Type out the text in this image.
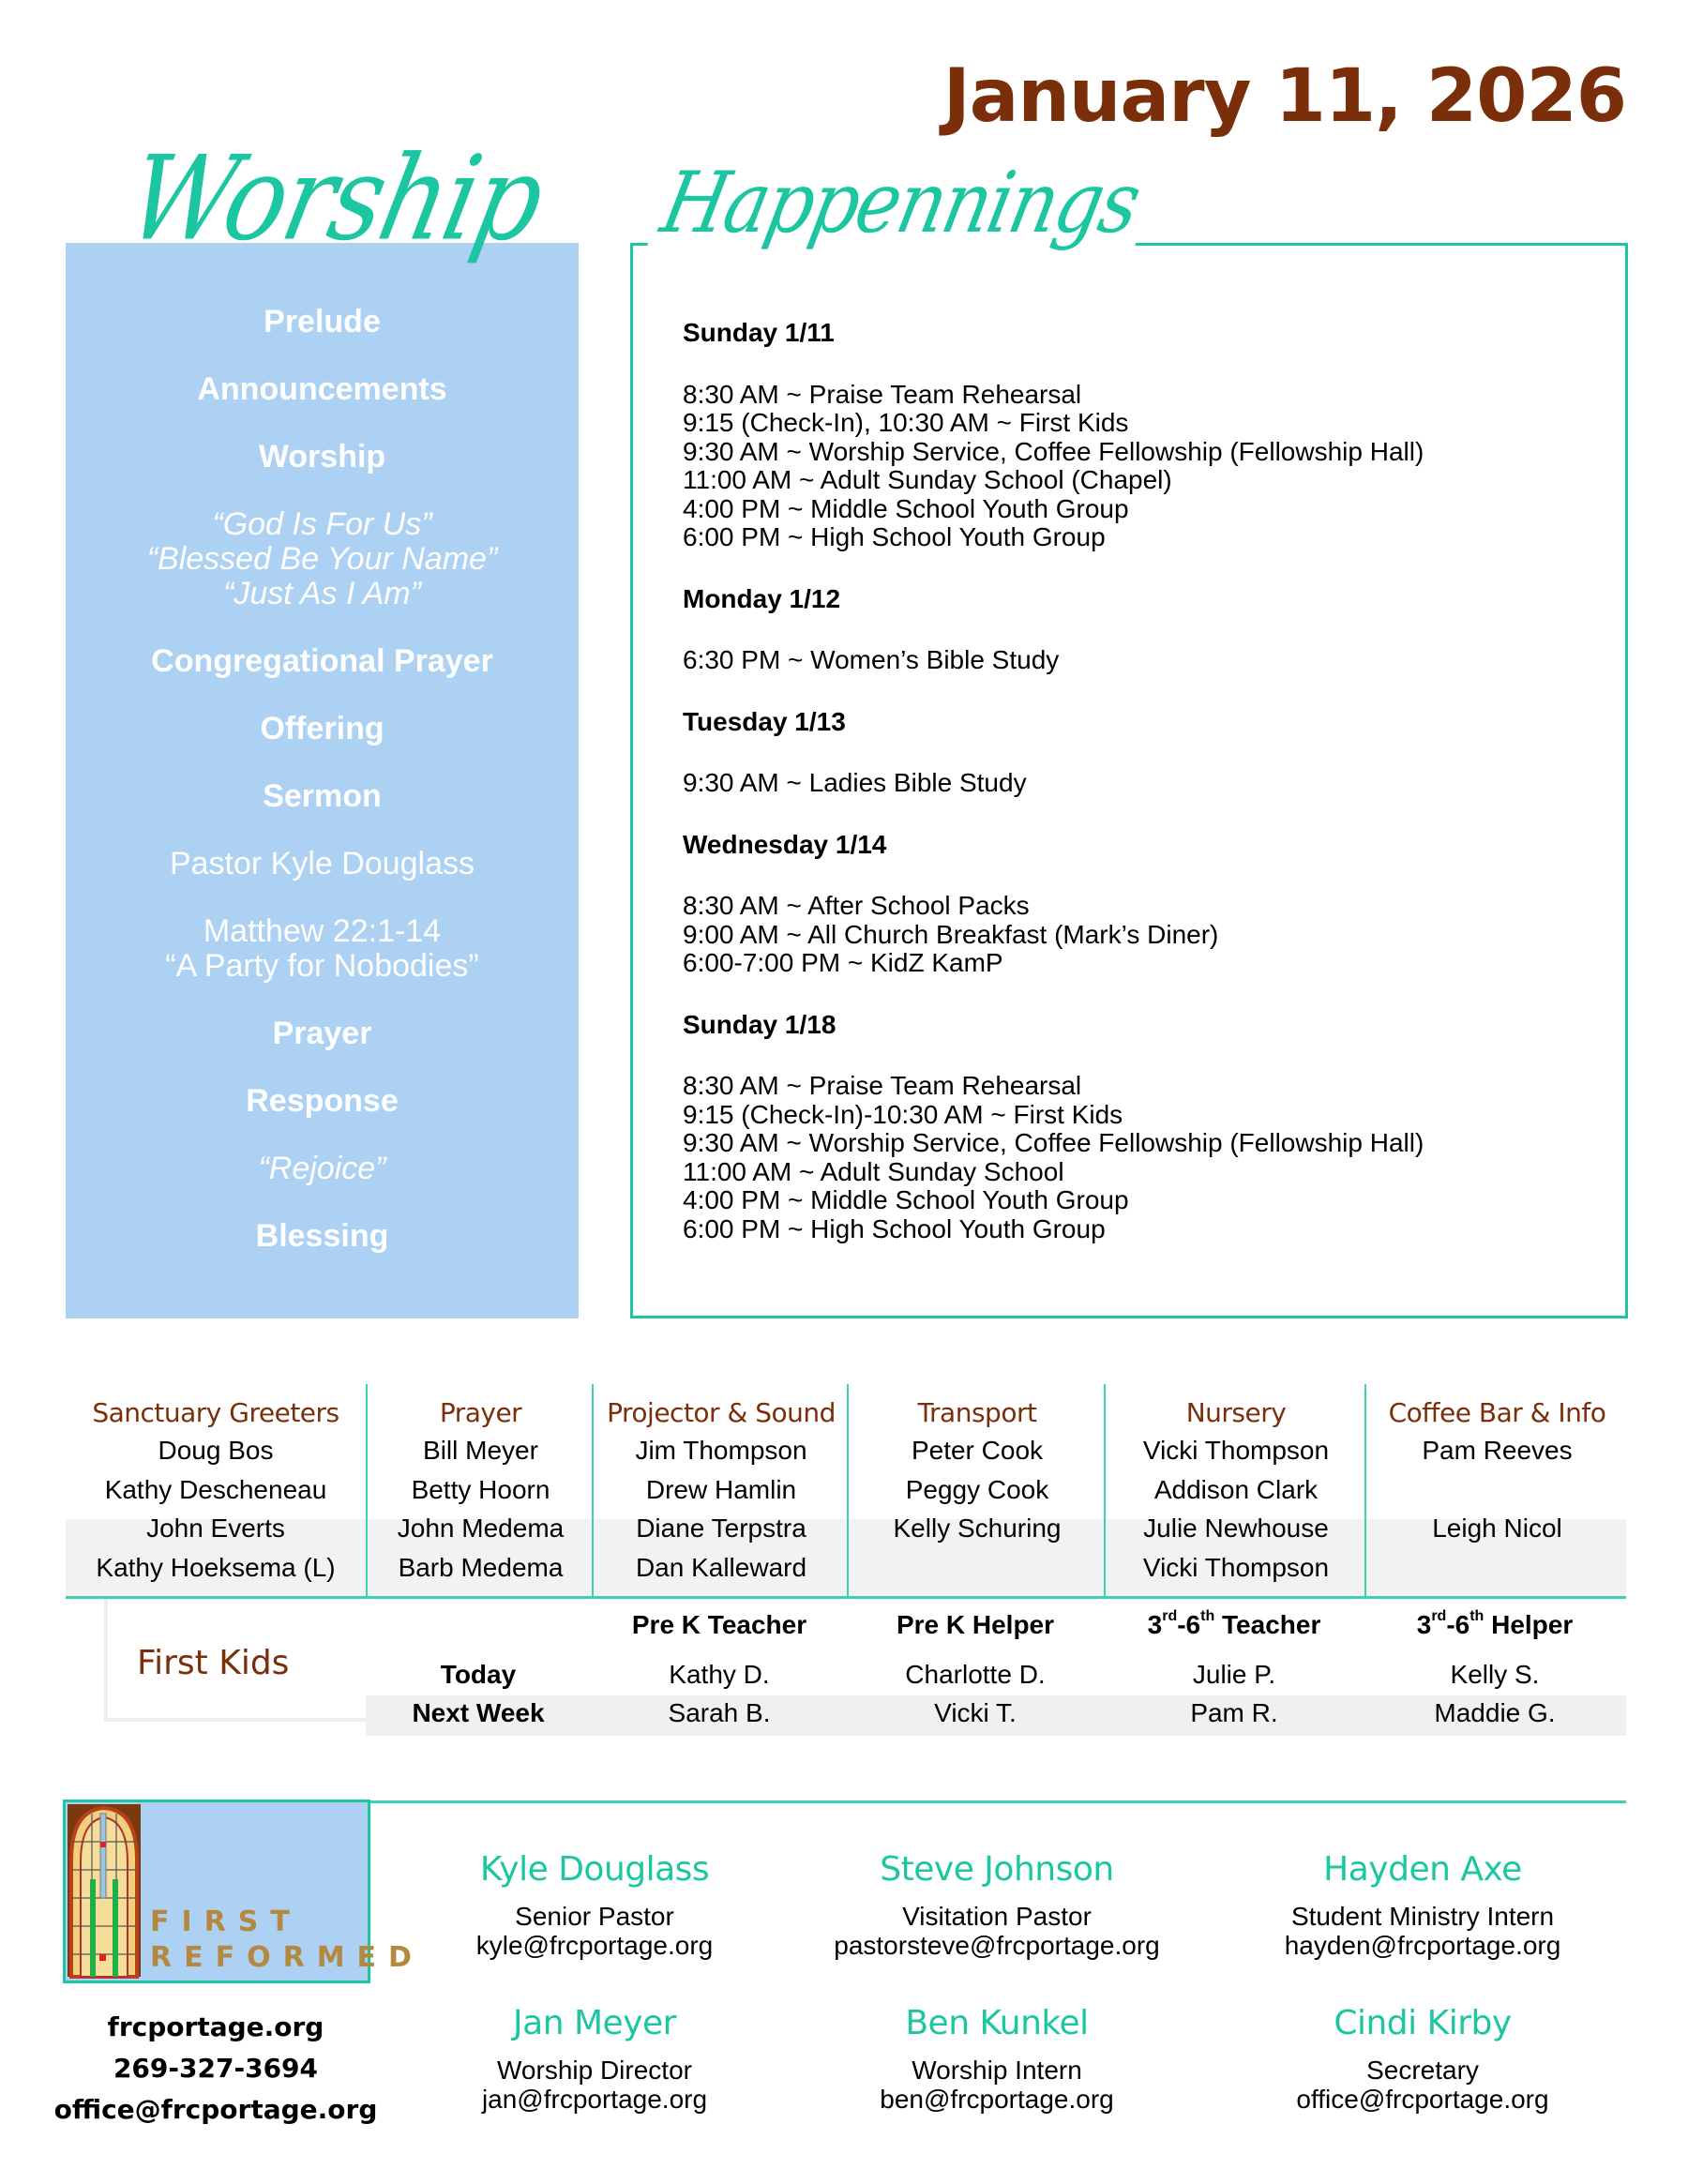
January 11, 2026
Worship
Prelude
Announcements
Worship
“God Is For Us”
“Blessed Be Your Name”
“Just As I Am”
Congregational Prayer
Offering
Sermon
Pastor Kyle Douglass
Matthew 22:1-14
“A Party for Nobodies”
Prayer
Response
“Rejoice”
Blessing
Happennings
Sunday 1/11
8:30 AM ~ Praise Team Rehearsal
9:15 (Check-In), 10:30 AM ~ First Kids
9:30 AM ~ Worship Service, Coffee Fellowship (Fellowship Hall)
11:00 AM ~ Adult Sunday School (Chapel)
4:00 PM ~ Middle School Youth Group
6:00 PM ~ High School Youth Group
Monday 1/12
6:30 PM ~ Women’s Bible Study
Tuesday 1/13
9:30 AM ~ Ladies Bible Study
Wednesday 1/14
8:30 AM ~ After School Packs
9:00 AM ~ All Church Breakfast (Mark’s Diner)
6:00-7:00 PM ~ KidZ KamP
Sunday 1/18
8:30 AM ~ Praise Team Rehearsal
9:15 (Check-In)-10:30 AM ~ First Kids
9:30 AM ~ Worship Service, Coffee Fellowship (Fellowship Hall)
11:00 AM ~ Adult Sunday School
4:00 PM ~ Middle School Youth Group
6:00 PM ~ High School Youth Group
Sanctuary Greeters
Doug Bos
Kathy Descheneau
John Everts
Kathy Hoeksema (L)
Prayer
Bill Meyer
Betty Hoorn
John Medema
Barb Medema
Projector & Sound
Jim Thompson
Drew Hamlin
Diane Terpstra
Dan Kalleward
Transport
Peter Cook
Peggy Cook
Kelly Schuring

Nursery
Vicki Thompson
Addison Clark
Julie Newhouse
Vicki Thompson
Coffee Bar & Info
Pam Reeves

Leigh Nicol

First Kids
Pre K Teacher	Pre K Helper	3rd-6th Teacher	3rd-6th Helper
Today	Kathy D.	Charlotte D.	Julie P.	Kelly S.
Next Week	Sarah B.	Vicki T.	Pam R.	Maddie G.
FIRST
REFORMED
frcportage.org
269-327-3694
office@frcportage.org
Kyle Douglass
Senior Pastor
kyle@frcportage.org
Steve Johnson
Visitation Pastor
pastorsteve@frcportage.org
Hayden Axe
Student Ministry Intern
hayden@frcportage.org
Jan Meyer
Worship Director
jan@frcportage.org
Ben Kunkel
Worship Intern
ben@frcportage.org
Cindi Kirby
Secretary
office@frcportage.org
